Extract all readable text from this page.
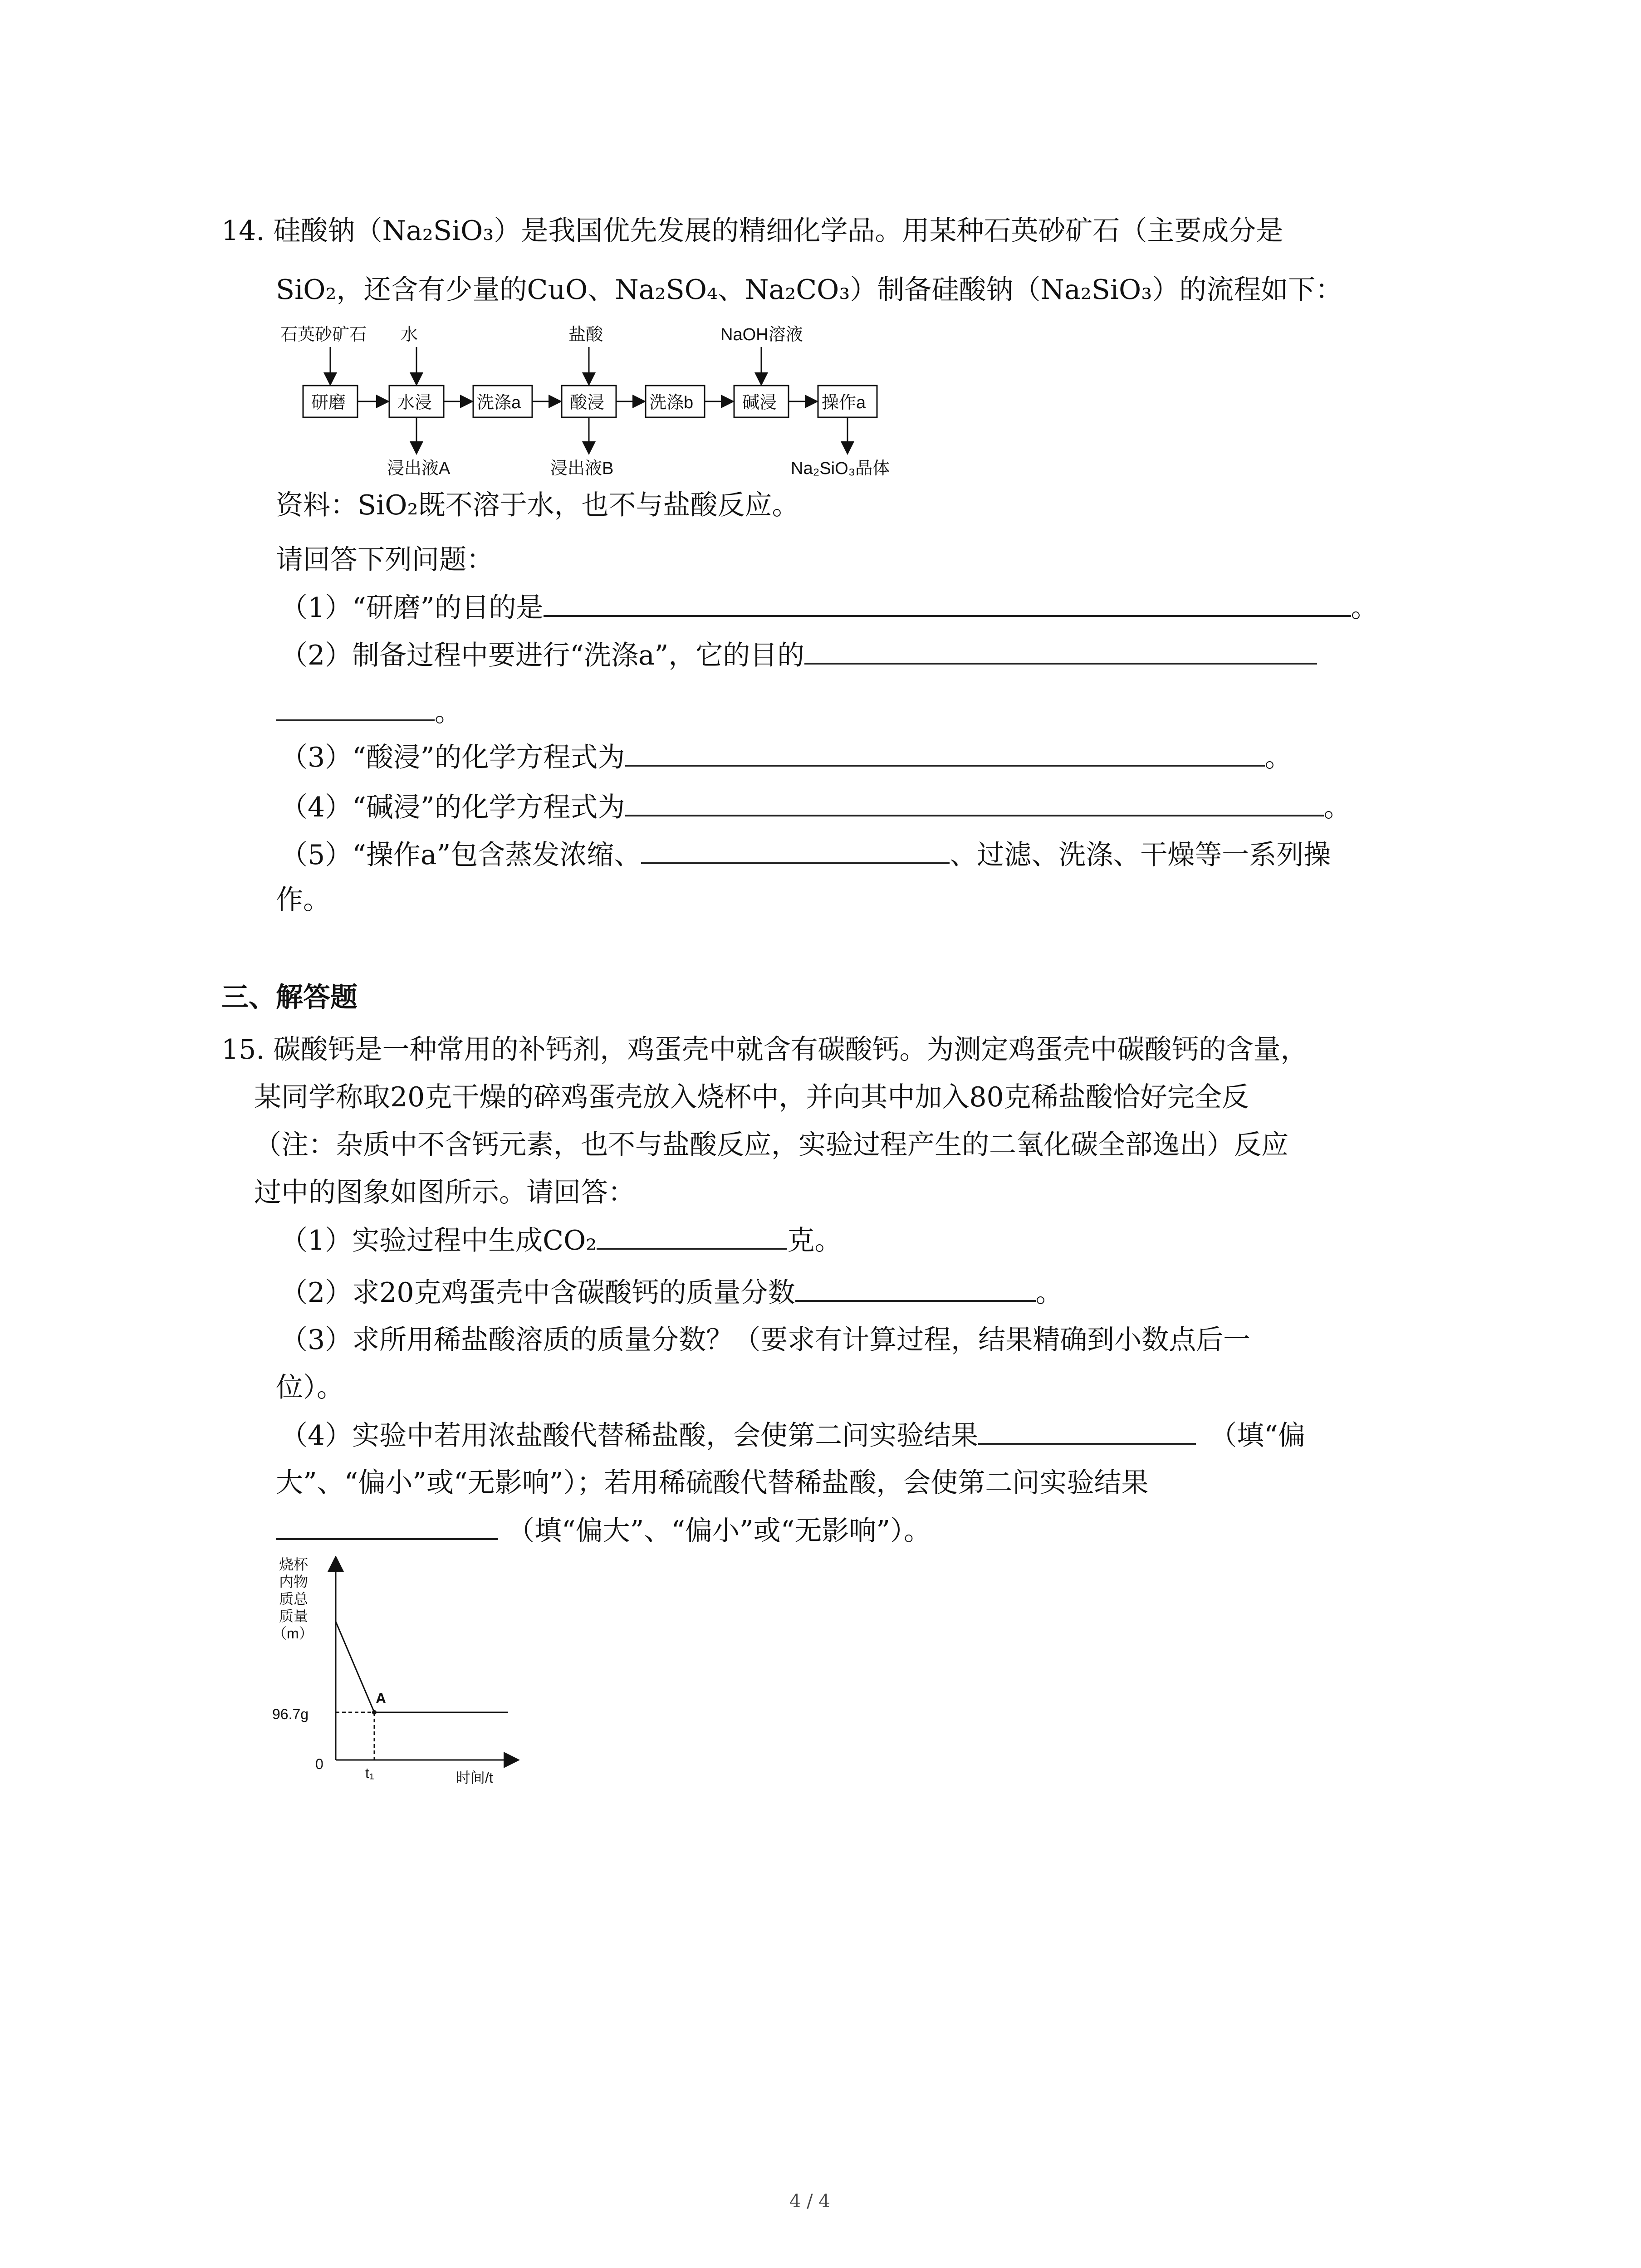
14. 硅酸钠（Na₂SiO₃）是我国优先发展的精细化学品。用某种石英砂矿石（主要成分是
SiO₂，还含有少量的CuO、Na₂SO₄、Na₂CO₃）制备硅酸钠（Na₂SiO₃）的流程如下：
石英砂矿石 水	盐酸	NaOH溶液
研磨	水浸	洗涤a	酸浸	洗涤b	碱浸	操作a
浸出液A	浸出液B	Na₂SiO₃晶体
资料：SiO₂既不溶于水，也不与盐酸反应。
请回答下列问题：
（1）“研磨”的目的是	。
（2）制备过程中要进行“洗涤a”，它的目的
。
（3）“酸浸”的化学方程式为	。
（4）“碱浸”的化学方程式为	。
（5）“操作a”包含蒸发浓缩、	、过滤、洗涤、干燥等一系列操
作。
三、解答题
15. 碳酸钙是一种常用的补钙剂，鸡蛋壳中就含有碳酸钙。为测定鸡蛋壳中碳酸钙的含量，
某同学称取20克干燥的碎鸡蛋壳放入烧杯中，并向其中加入80克稀盐酸恰好完全反
（注：杂质中不含钙元素，也不与盐酸反应，实验过程产生的二氧化碳全部逸出）反应
过中的图象如图所示。请回答：
（1）实验过程中生成CO₂	克。
（2）求20克鸡蛋壳中含碳酸钙的质量分数	。
（3）求所用稀盐酸溶质的质量分数？（要求有计算过程，结果精确到小数点后一
位）。
（4）实验中若用浓盐酸代替稀盐酸，会使第二问实验结果	（填“偏
大”、“偏小”或“无影响”）；若用稀硫酸代替稀盐酸，会使第二问实验结果
（填“偏大”、“偏小”或“无影响”）。
烧杯
内物
质总
质量
（m）
96.7g
0
t₁	时间/t
A
4 / 4
